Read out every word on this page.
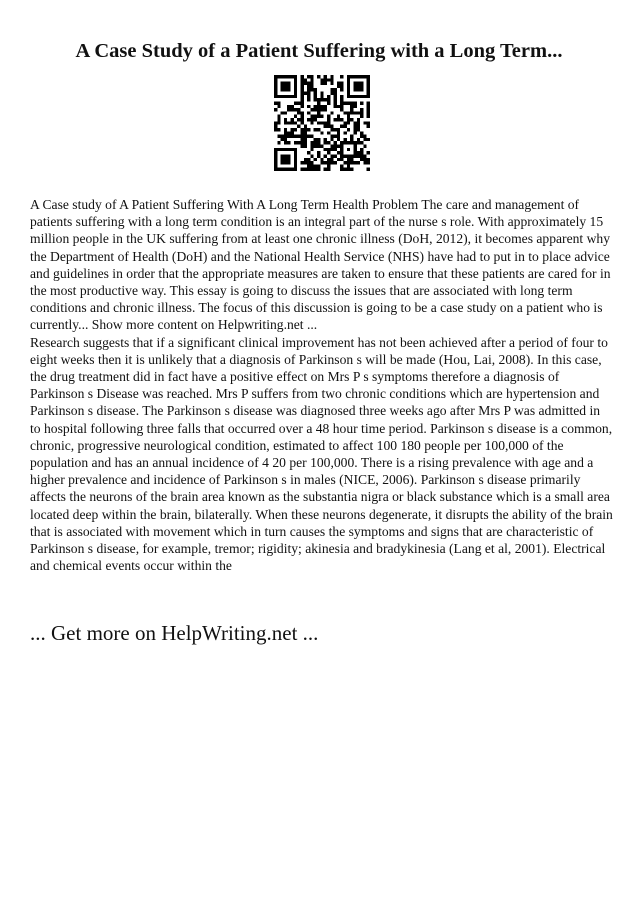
A Case Study of a Patient Suffering with a Long Term...

A Case study of A Patient Suffering With A Long Term Health Problem The care and management of patients suffering with a long term condition is an integral part of the nurse s role. With approximately 15 million people in the UK suffering from at least one chronic illness (DoH, 2012), it becomes apparent why the Department of Health (DoH) and the National Health Service (NHS) have had to put in to place advice and guidelines in order that the appropriate measures are taken to ensure that these patients are cared for in the most productive way. This essay is going to discuss the issues that are associated with long term conditions and chronic illness. The focus of this discussion is going to be a case study on a patient who is currently... Show more content on Helpwriting.net ...

Research suggests that if a significant clinical improvement has not been achieved after a period of four to eight weeks then it is unlikely that a diagnosis of Parkinson s will be made (Hou, Lai, 2008). In this case, the drug treatment did in fact have a positive effect on Mrs P s symptoms therefore a diagnosis of Parkinson s Disease was reached. Mrs P suffers from two chronic conditions which are hypertension and Parkinson s disease. The Parkinson s disease was diagnosed three weeks ago after Mrs P was admitted in to hospital following three falls that occurred over a 48 hour time period. Parkinson s disease is a common, chronic, progressive neurological condition, estimated to affect 100 180 people per 100,000 of the population and has an annual incidence of 4 20 per 100,000. There is a rising prevalence with age and a higher prevalence and incidence of Parkinson s in males (NICE, 2006). Parkinson s disease primarily affects the neurons of the brain area known as the substantia nigra or black substance which is a small area located deep within the brain, bilaterally. When these neurons degenerate, it disrupts the ability of the brain that is associated with movement which in turn causes the symptoms and signs that are characteristic of Parkinson s disease, for example, tremor; rigidity; akinesia and bradykinesia (Lang et al, 2001). Electrical and chemical events occur within the

... Get more on HelpWriting.net ...
